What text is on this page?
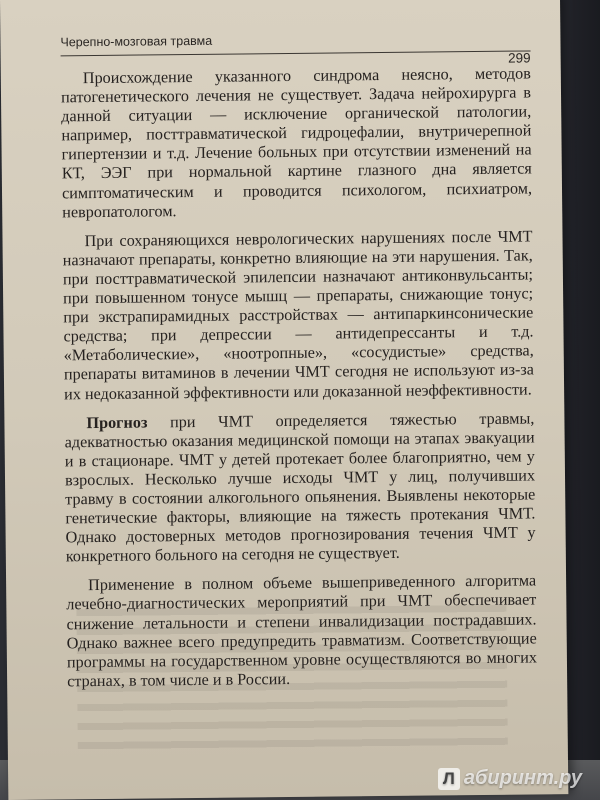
Черепно-мозговая травма
299

Происхождение указанного синдрома неясно, методов патогенетического лечения не существует. Задача нейрохирурга в данной ситуации — исключение органической патологии, например, посттравматической гидроцефалии, внутричерепной гипертензии и т.д. Лечение больных при отсутствии изменений на КТ, ЭЭГ при нормальной картине глазного дна является симптоматическим и проводится психологом, психиатром, невропатологом.

При сохраняющихся неврологических нарушениях после ЧМТ назначают препараты, конкретно влияющие на эти нарушения. Так, при посттравматической эпилепсии назначают антиконвульсанты; при повышенном тонусе мышц — препараты, снижающие тонус; при экстрапирамидных расстройствах — антипаркинсонические средства; при депрессии — антидепрессанты и т.д. «Метаболические», «ноотропные», «сосудистые» средства, препараты витаминов в лечении ЧМТ сегодня не используют из-за их недоказанной эффективности или доказанной неэффективности.

Прогноз при ЧМТ определяется тяжестью травмы, адекватностью оказания медицинской помощи на этапах эвакуации и в стационаре. ЧМТ у детей протекает более благоприятно, чем у взрослых. Несколько лучше исходы ЧМТ у лиц, получивших травму в состоянии алкогольного опьянения. Выявлены некоторые генетические факторы, влияющие на тяжесть протекания ЧМТ. Однако достоверных методов прогнозирования течения ЧМТ у конкретного больного на сегодня не существует.

Применение в полном объеме вышеприведенного алгоритма лечебно-диагностических мероприятий при ЧМТ обеспечивает снижение летальности и степени инвалидизации пострадавших. Однако важнее всего предупредить травматизм. Соответствующие программы на государственном уровне осуществляются во многих странах, в том числе и в России.

Л абиринт.ру
